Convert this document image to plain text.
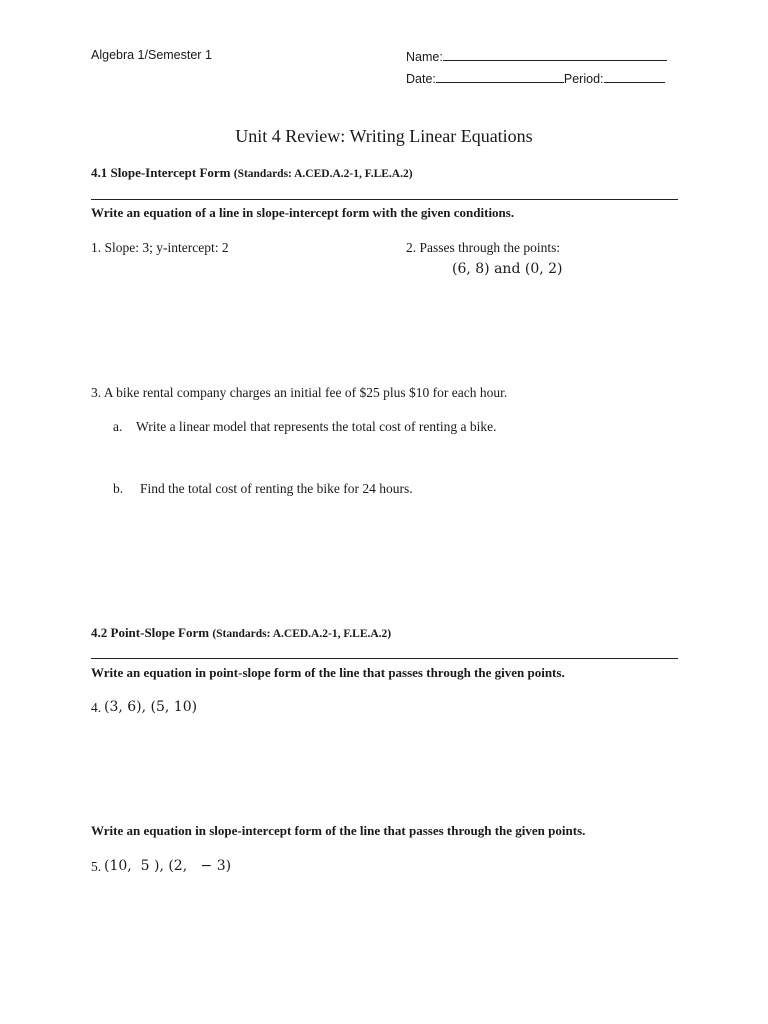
Algebra 1/Semester 1	Name:
Date:	Period:
Unit 4 Review: Writing Linear Equations
4.1 Slope-Intercept Form (Standards: A.CED.A.2-1, F.LE.A.2)
Write an equation of a line in slope-intercept form with the given conditions.
1. Slope: 3; y-intercept: 2	2. Passes through the points:
(6, 8) and (0, 2)
3. A bike rental company charges an initial fee of $25 plus $10 for each hour.
a. Write a linear model that represents the total cost of renting a bike.
b. Find the total cost of renting the bike for 24 hours.
4.2 Point-Slope Form (Standards: A.CED.A.2-1, F.LE.A.2)
Write an equation in point-slope form of the line that passes through the given points.
4. (3, 6), (5, 10)
Write an equation in slope-intercept form of the line that passes through the given points.
5. (10,  5 ), (2,   − 3)
